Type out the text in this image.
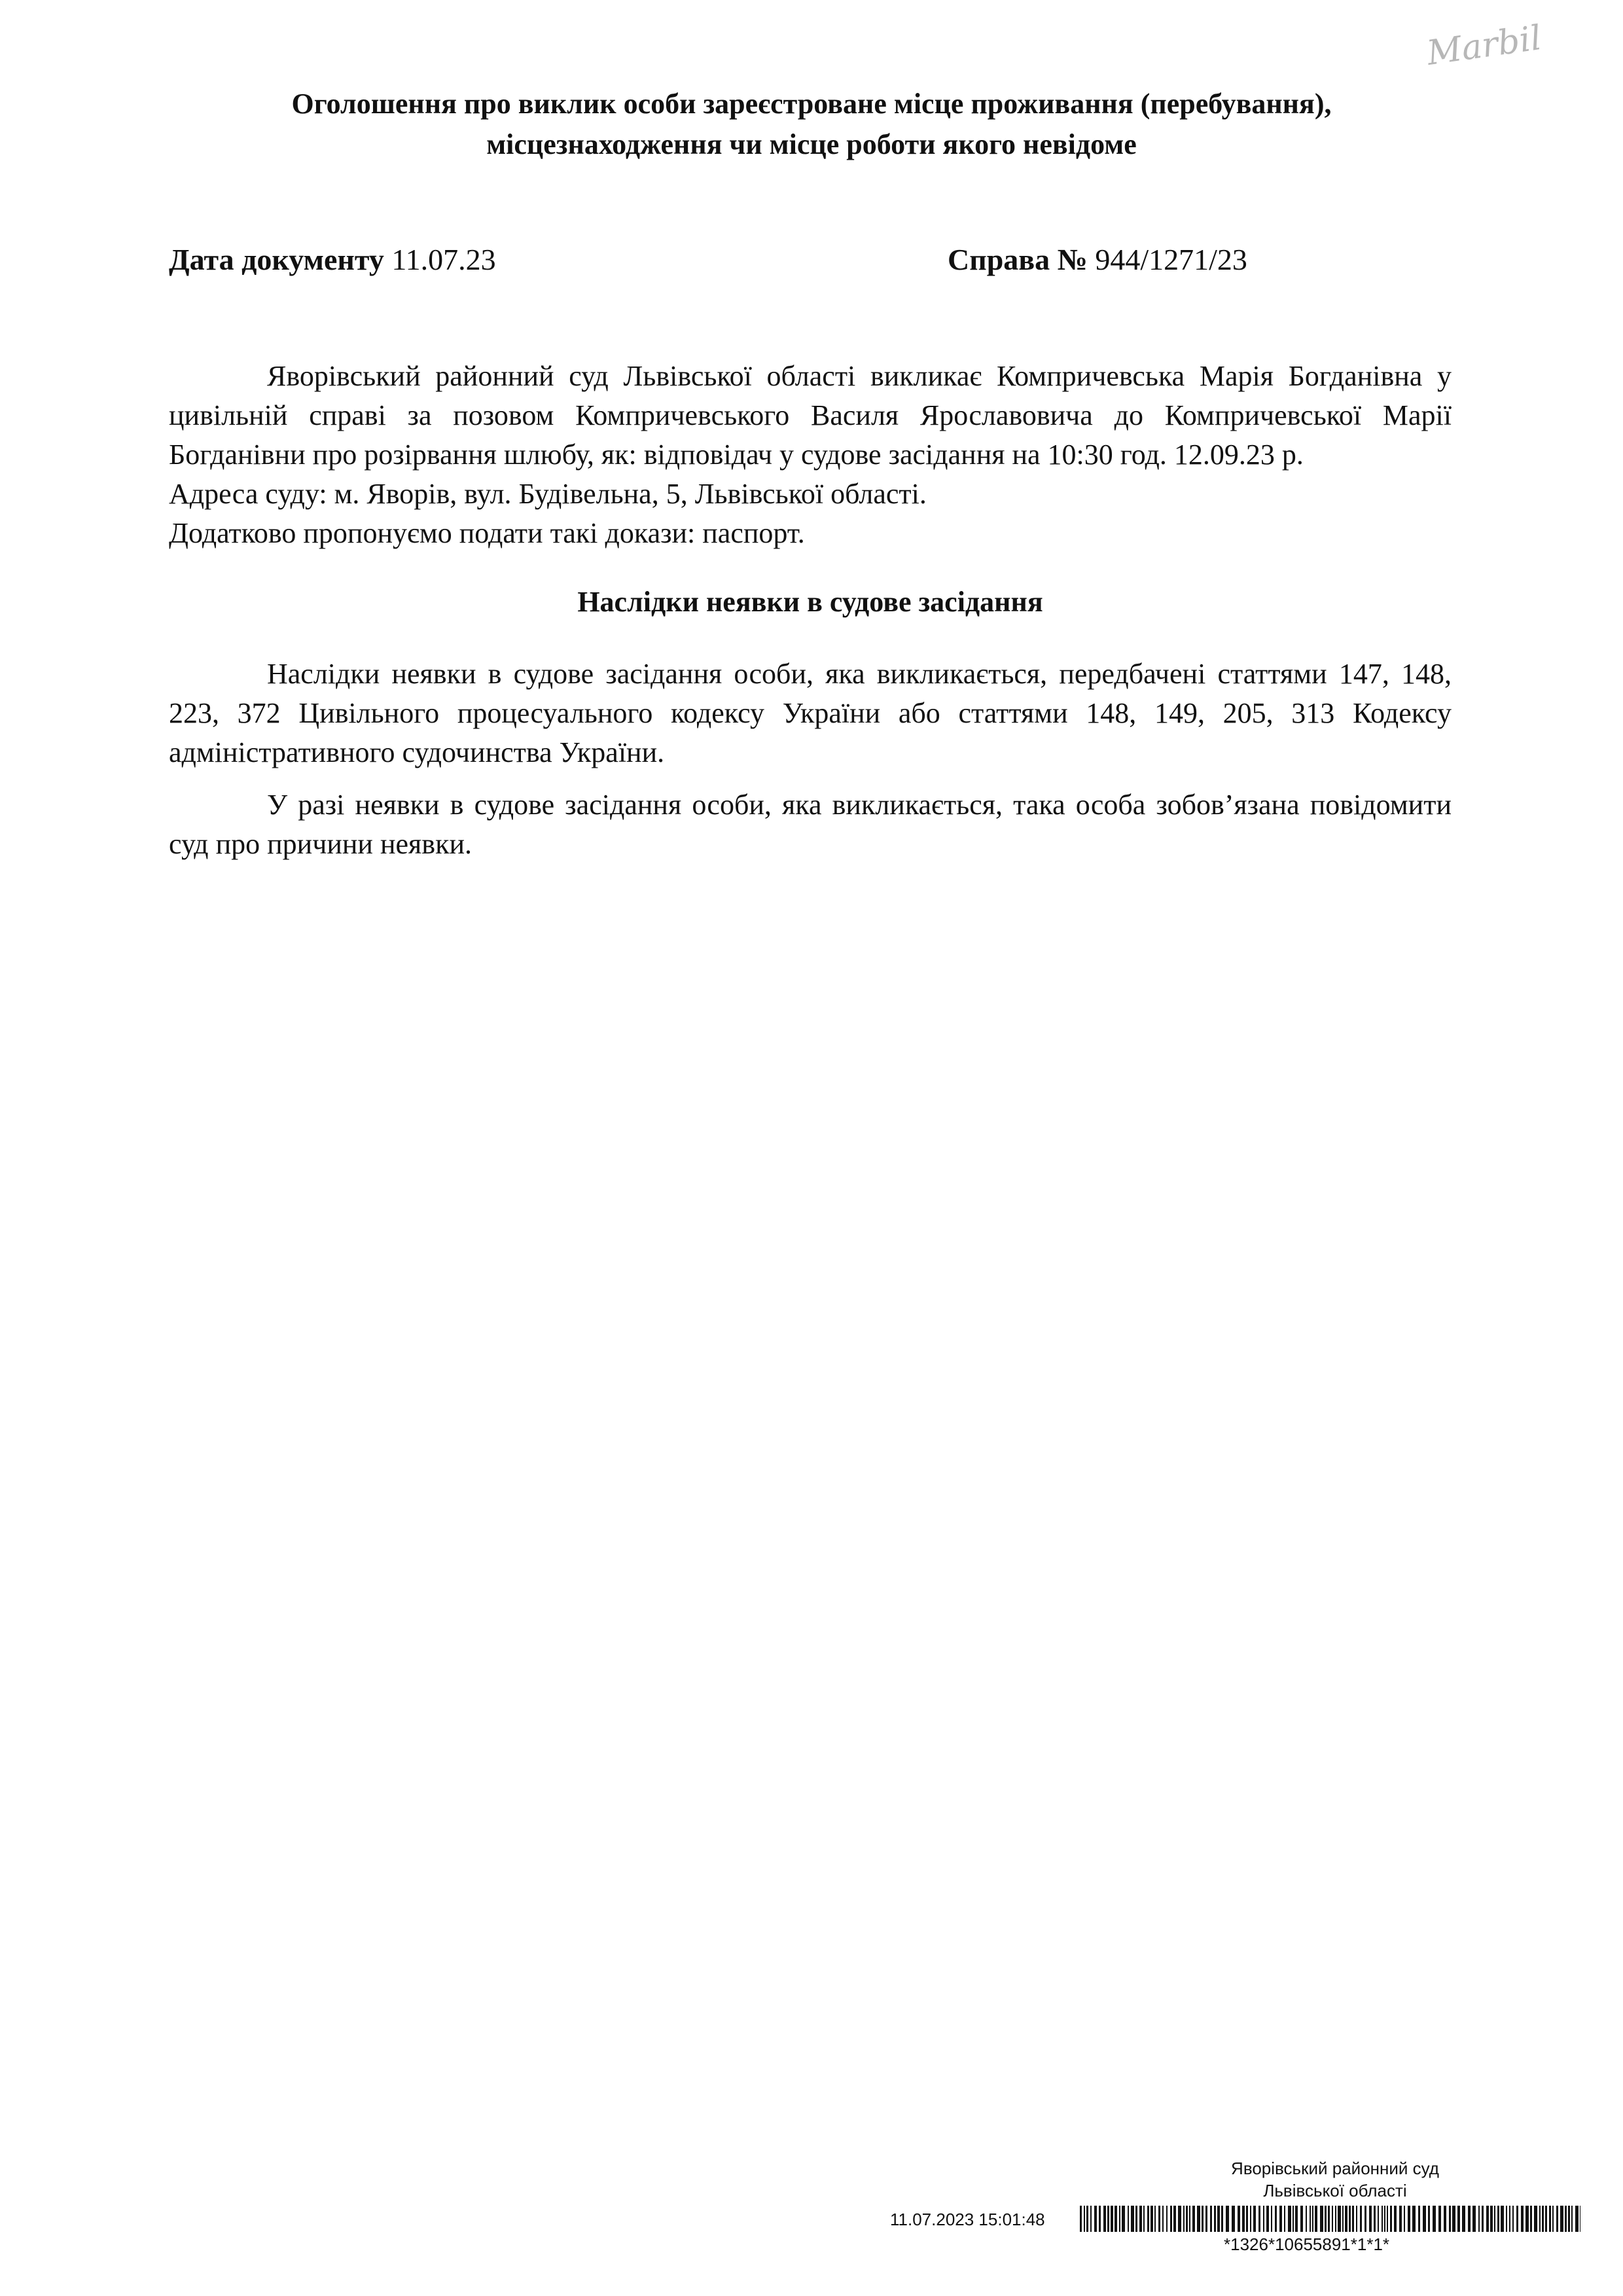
Marbil
Оголошення про виклик особи зареєстроване місце проживання (перебування),
місцезнаходження чи місце роботи якого невідоме
Дата документу 11.07.23	Справа № 944/1271/23

Яворівський районний суд Львівської області викликає Компричевська Марія Богданівна у цивільній справі за позовом Компричевського Василя Ярославовича до Компричевської Марії Богданівни про розірвання шлюбу, як: відповідач у судове засідання на 10:30 год. 12.09.23 р.

Адреса суду: м. Яворів, вул. Будівельна, 5, Львівської області.

Додатково пропонуємо подати такі докази: паспорт.

Наслідки неявки в судове засідання

Наслідки неявки в судове засідання особи, яка викликається, передбачені статтями 147, 148, 223, 372 Цивільного процесуального кодексу України або статтями 148, 149, 205, 313 Кодексу адміністративного судочинства України.

У разі неявки в судове засідання особи, яка викликається, така особа зобов’язана повідомити суд про причини неявки.

Яворівський районний суд
Львівської області
11.07.2023 15:01:48
*1326*10655891*1*1*
